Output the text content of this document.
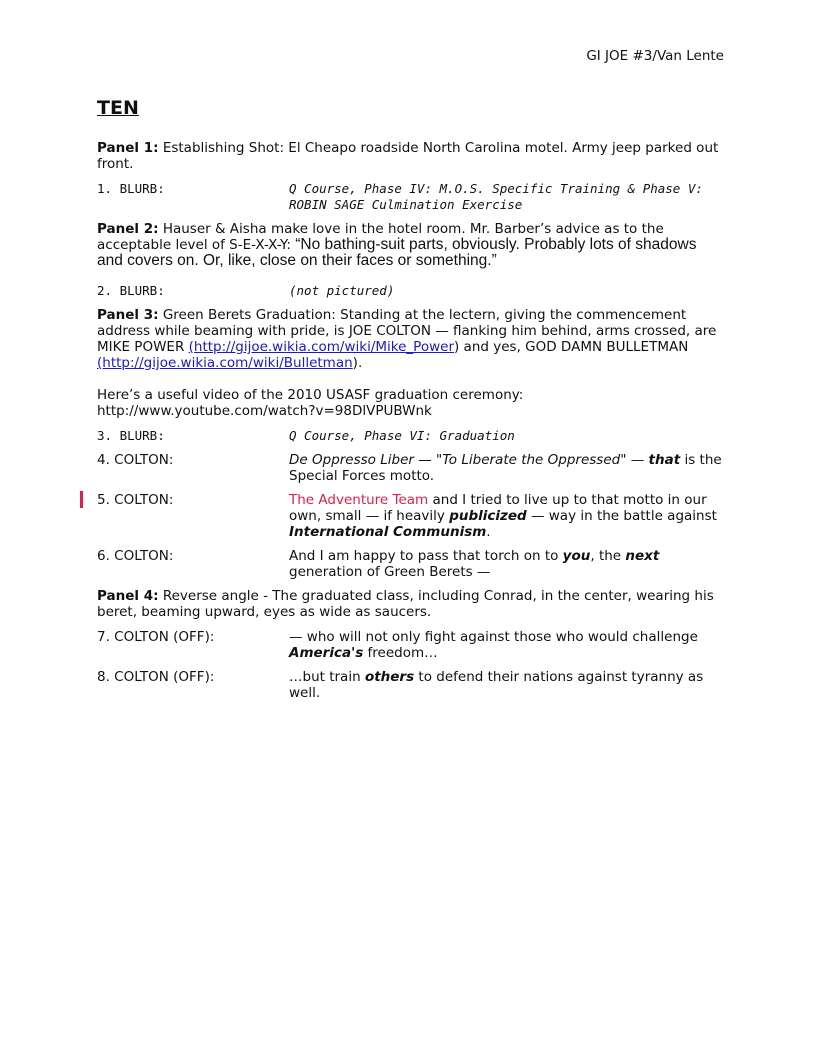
GI JOE #3/Van Lente
TEN
Panel 1: Establishing Shot: El Cheapo roadside North Carolina motel. Army jeep parked out front.
1. BLURB:	Q Course, Phase IV: M.O.S. Specific Training & Phase V: ROBIN SAGE Culmination Exercise
Panel 2: Hauser & Aisha make love in the hotel room. Mr. Barber’s advice as to the acceptable level of S-E-X-X-Y: “No bathing-suit parts, obviously. Probably lots of shadows and covers on. Or, like, close on their faces or something.”
2. BLURB:	(not pictured)
Panel 3: Green Berets Graduation: Standing at the lectern, giving the commencement address while beaming with pride, is JOE COLTON — flanking him behind, arms crossed, are MIKE POWER (http://gijoe.wikia.com/wiki/Mike_Power) and yes, GOD DAMN BULLETMAN (http://gijoe.wikia.com/wiki/Bulletman).
Here’s a useful video of the 2010 USASF graduation ceremony: http://www.youtube.com/watch?v=98DlVPUBWnk
3. BLURB:	Q Course, Phase VI: Graduation
4. COLTON:	De Oppresso Liber — "To Liberate the Oppressed" — that is the Special Forces motto.
5. COLTON:	The Adventure Team and I tried to live up to that motto in our own, small — if heavily publicized — way in the battle against International Communism.
6. COLTON:	And I am happy to pass that torch on to you, the next generation of Green Berets —
Panel 4: Reverse angle - The graduated class, including Conrad, in the center, wearing his beret, beaming upward, eyes as wide as saucers.
7. COLTON (OFF):	— who will not only fight against those who would challenge America's freedom…
8. COLTON (OFF):	…but train others to defend their nations against tyranny as well.
